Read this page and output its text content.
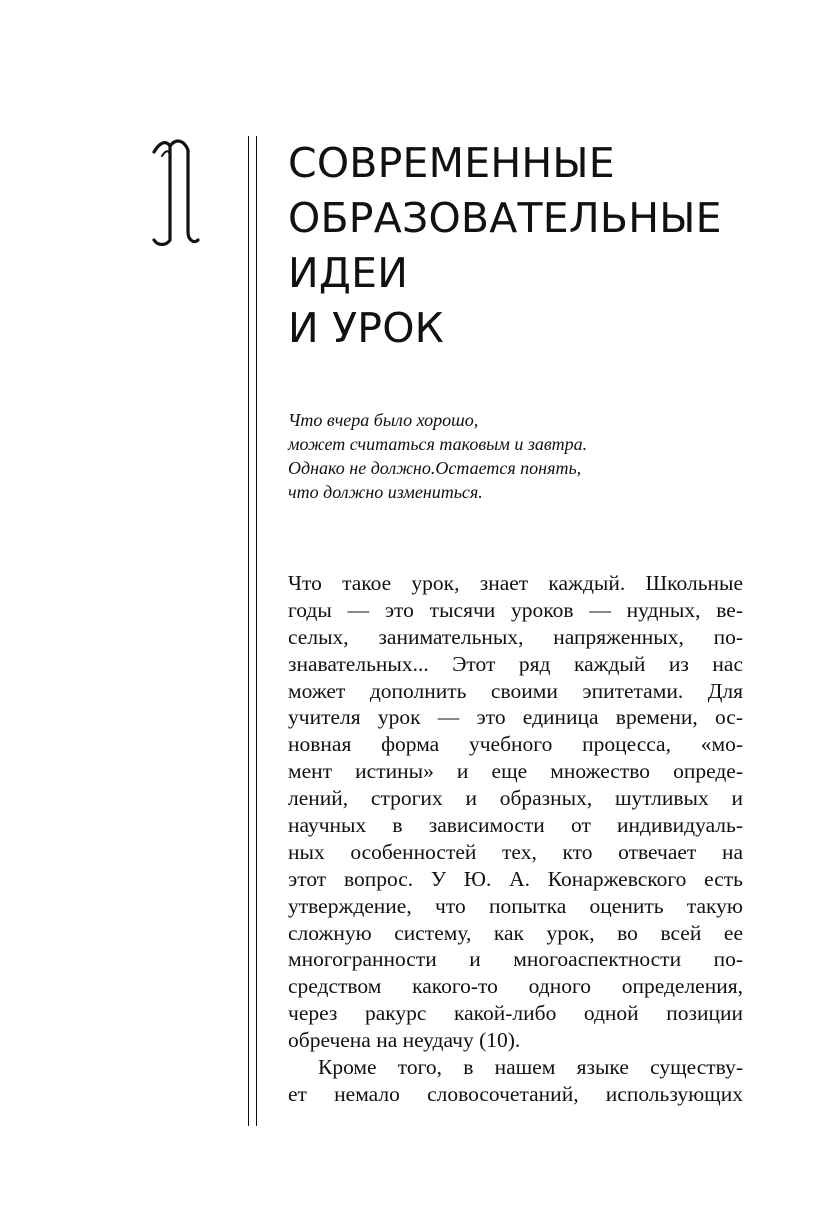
СОВРЕМЕННЫЕ
ОБРАЗОВАТЕЛЬНЫЕ
ИДЕИ
И УРОК
Что вчера было хорошо,
может считаться таковым и завтра.
Однако не должно.Остается понять,
что должно измениться.
Что такое урок, знает каждый. Школьные
годы — это тысячи уроков — нудных, ве-
селых, занимательных, напряженных, по-
знавательных... Этот ряд каждый из нас
может дополнить своими эпитетами. Для
учителя урок — это единица времени, ос-
новная форма учебного процесса, «мо-
мент истины» и еще множество опреде-
лений, строгих и образных, шутливых и
научных в зависимости от индивидуаль-
ных особенностей тех, кто отвечает на
этот вопрос. У Ю. А. Конаржевского есть
утверждение, что попытка оценить такую
сложную систему, как урок, во всей ее
многогранности и многоаспектности по-
средством какого-то одного определения,
через ракурс какой-либо одной позиции
обречена на неудачу (10).
Кроме того, в нашем языке существу-
ет немало словосочетаний, использующих
